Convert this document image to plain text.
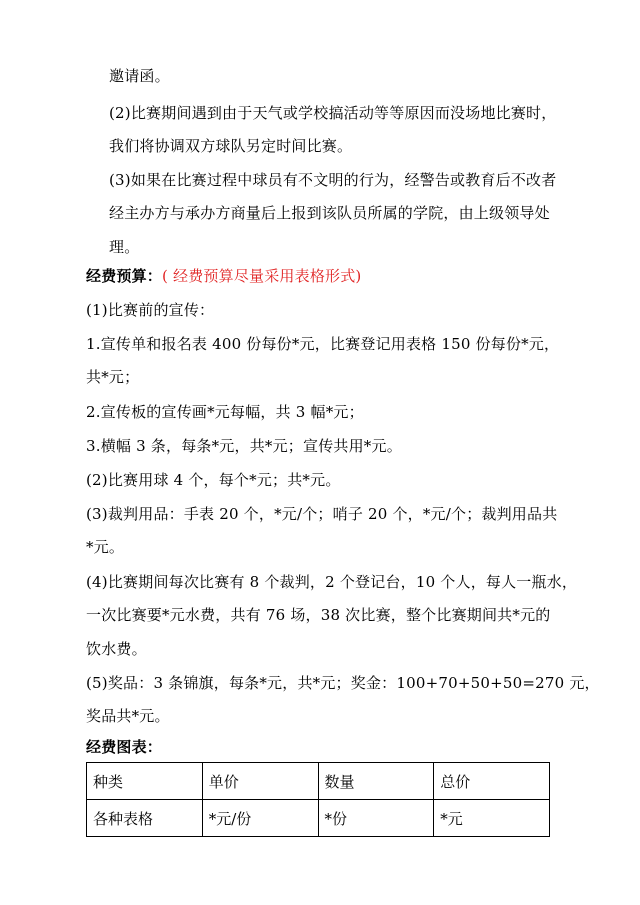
邀请函。
(2)比赛期间遇到由于天气或学校搞活动等等原因而没场地比赛时，
我们将协调双方球队另定时间比赛。
(3)如果在比赛过程中球员有不文明的行为，经警告或教育后不改者
经主办方与承办方商量后上报到该队员所属的学院，由上级领导处
理。
经费预算：( 经费预算尽量采用表格形式)
(1)比赛前的宣传：
1.宣传单和报名表 400 份每份*元，比赛登记用表格 150 份每份*元，
共*元；
2.宣传板的宣传画*元每幅，共 3 幅*元；
3.横幅 3 条，每条*元，共*元；宣传共用*元。
(2)比赛用球 4 个，每个*元；共*元。
(3)裁判用品：手表 20 个，*元/个；哨子 20 个，*元/个；裁判用品共
*元。
(4)比赛期间每次比赛有 8 个裁判，2 个登记台，10 个人，每人一瓶水，
一次比赛要*元水费，共有 76 场，38 次比赛，整个比赛期间共*元的
饮水费。
(5)奖品：3 条锦旗，每条*元，共*元；奖金：100+70+50+50=270 元，
奖品共*元。
经费图表：
种类	单价	数量	总价
各种表格	*元/份	*份	*元
